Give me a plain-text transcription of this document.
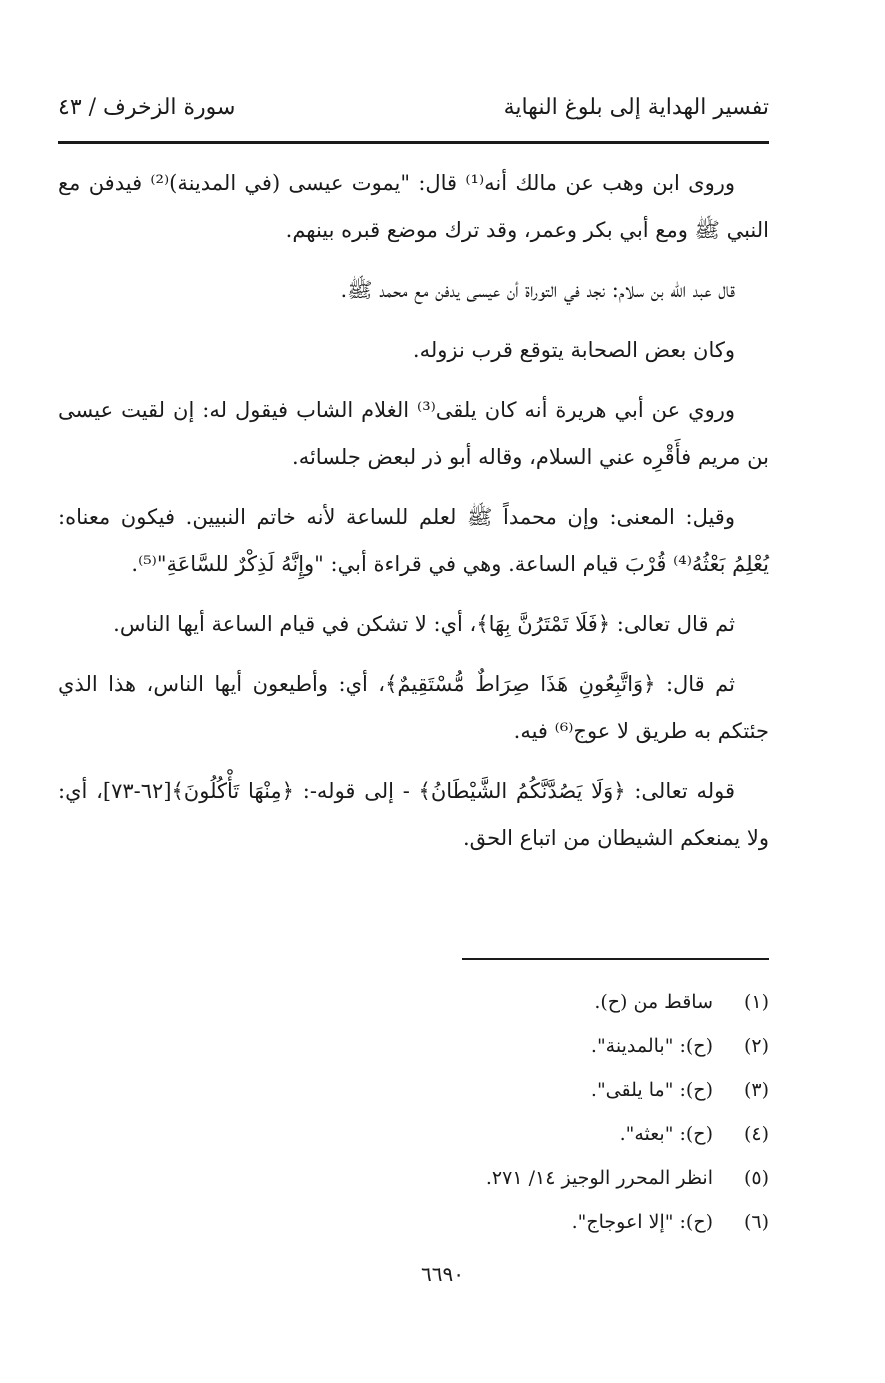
تفسير الهداية إلى بلوغ النهاية
سورة الزخرف / ٤٣

وروى ابن وهب عن مالك أنه⁽¹⁾ قال: "يموت عيسى (في المدينة)⁽²⁾ فيدفن مع النبي ﷺ ومع أبي بكر وعمر، وقد ترك موضع قبره بينهم.

قال عبد الله بن سلام: نجد في التوراة أن عيسى يدفن مع محمد ﷺ.

وكان بعض الصحابة يتوقع قرب نزوله.

وروي عن أبي هريرة أنه كان يلقى⁽³⁾ الغلام الشاب فيقول له: إن لقيت عيسى بن مريم فأَقْرِه عني السلام، وقاله أبو ذر لبعض جلسائه.

وقيل: المعنى: وإن محمداً ﷺ لعلم للساعة لأنه خاتم النبيين. فيكون معناه: يُعْلِمُ بَعْثُهُ⁽⁴⁾ قُرْبَ قيام الساعة. وهي في قراءة أبي: "وإِنَّهُ لَذِكْرٌ للسَّاعَةِ"⁽⁵⁾.

ثم قال تعالى: ﴿فَلَا تَمْتَرُنَّ بِهَا﴾، أي: لا تشكن في قيام الساعة أيها الناس.

ثم قال: ﴿وَاتَّبِعُونِ هَذَا صِرَاطٌ مُّسْتَقِيمٌ﴾، أي: وأطيعون أيها الناس، هذا الذي جئتكم به طريق لا عوج⁽⁶⁾ فيه.

قوله تعالى: ﴿وَلَا يَصُدَّنَّكُمُ الشَّيْطَانُ﴾ - إلى قوله-: ﴿مِنْهَا تَأْكُلُونَ﴾[٦٢-٧٣]، أي: ولا يمنعكم الشيطان من اتباع الحق.

(١)
ساقط من (ح).
(٢)
(ح): "بالمدينة".
(٣)
(ح): "ما يلقى".
(٤)
(ح): "بعثه".
(٥)
انظر المحرر الوجيز ١٤/ ٢٧١.
(٦)
(ح): "إلا اعوجاج".
٦٦٩٠
